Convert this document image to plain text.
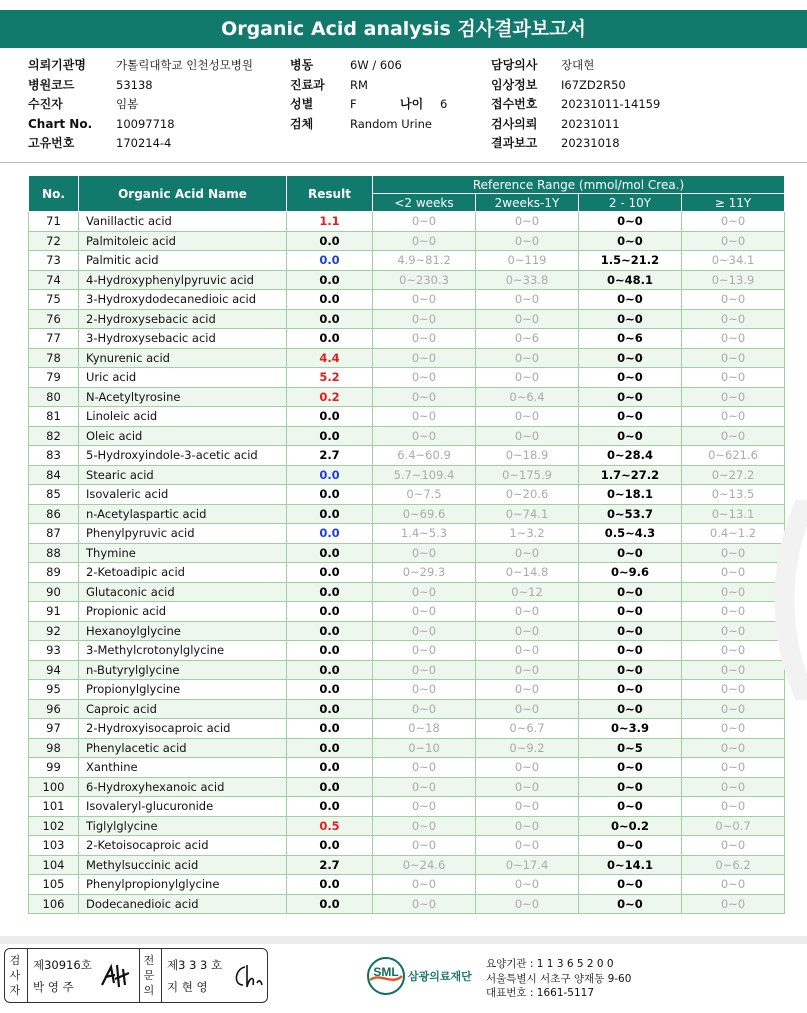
Organic Acid analysis 검사결과보고서
의뢰기관명	가톨릭대학교 인천성모병원
병원코드	53138
수진자	임봄
Chart No. 10097718
고유번호	170214-4
병동	6W / 606
진료과 RM
성별	F	나이 6
검체	Random Urine
담당의사 장대현
임상정보 I67ZD2R50
접수번호 20231011-14159
검사의뢰 20231011
결과보고 20231018
No.	Organic Acid Name	Result	Reference Range (mmol/mol Crea.)			
			<2 weeks	2weeks-1Y	2 - 10Y	≥ 11Y
71	Vanillactic acid	1.1	0~0	0~0	0~0	0~0
72	Palmitoleic acid	0.0	0~0	0~0	0~0	0~0
73	Palmitic acid	0.0	4.9~81.2	0~119	1.5~21.2	0~34.1
74	4-Hydroxyphenylpyruvic acid	0.0	0~230.3	0~33.8	0~48.1	0~13.9
75	3-Hydroxydodecanedioic acid	0.0	0~0	0~0	0~0	0~0
76	2-Hydroxysebacic acid	0.0	0~0	0~0	0~0	0~0
77	3-Hydroxysebacic acid	0.0	0~0	0~6	0~6	0~0
78	Kynurenic acid	4.4	0~0	0~0	0~0	0~0
79	Uric acid	5.2	0~0	0~0	0~0	0~0
80	N-Acetyltyrosine	0.2	0~0	0~6.4	0~0	0~0
81	Linoleic acid	0.0	0~0	0~0	0~0	0~0
82	Oleic acid	0.0	0~0	0~0	0~0	0~0
83	5-Hydroxyindole-3-acetic acid	2.7	6.4~60.9	0~18.9	0~28.4	0~621.6
84	Stearic acid	0.0	5.7~109.4	0~175.9	1.7~27.2	0~27.2
85	Isovaleric acid	0.0	0~7.5	0~20.6	0~18.1	0~13.5
86	n-Acetylaspartic acid	0.0	0~69.6	0~74.1	0~53.7	0~13.1
87	Phenylpyruvic acid	0.0	1.4~5.3	1~3.2	0.5~4.3	0.4~1.2
88	Thymine	0.0	0~0	0~0	0~0	0~0
89	2-Ketoadipic acid	0.0	0~29.3	0~14.8	0~9.6	0~0
90	Glutaconic acid	0.0	0~0	0~12	0~0	0~0
91	Propionic acid	0.0	0~0	0~0	0~0	0~0
92	Hexanoylglycine	0.0	0~0	0~0	0~0	0~0
93	3-Methylcrotonylglycine	0.0	0~0	0~0	0~0	0~0
94	n-Butyrylglycine	0.0	0~0	0~0	0~0	0~0
95	Propionylglycine	0.0	0~0	0~0	0~0	0~0
96	Caproic acid	0.0	0~0	0~0	0~0	0~0
97	2-Hydroxyisocaproic acid	0.0	0~18	0~6.7	0~3.9	0~0
98	Phenylacetic acid	0.0	0~10	0~9.2	0~5	0~0
99	Xanthine	0.0	0~0	0~0	0~0	0~0
100	6-Hydroxyhexanoic acid	0.0	0~0	0~0	0~0	0~0
101	Isovaleryl-glucuronide	0.0	0~0	0~0	0~0	0~0
102	Tiglylglycine	0.5	0~0	0~0	0~0.2	0~0.7
103	2-Ketoisocaproic acid	0.0	0~0	0~0	0~0	0~0
104	Methylsuccinic acid	2.7	0~24.6	0~17.4	0~14.1	0~6.2
105	Phenylpropionylglycine	0.0	0~0	0~0	0~0	0~0
106	Dodecanedioic acid	0.0	0~0	0~0	0~0	0~0
검사자
제30916호
박 영 주
전문의
제3 3 3 호
지 현 영
SML 삼광의료재단
요양기관 : 1 1 3 6 5 2 0 0
서울특별시 서초구 양재동 9-60
대표번호 : 1661-5117
